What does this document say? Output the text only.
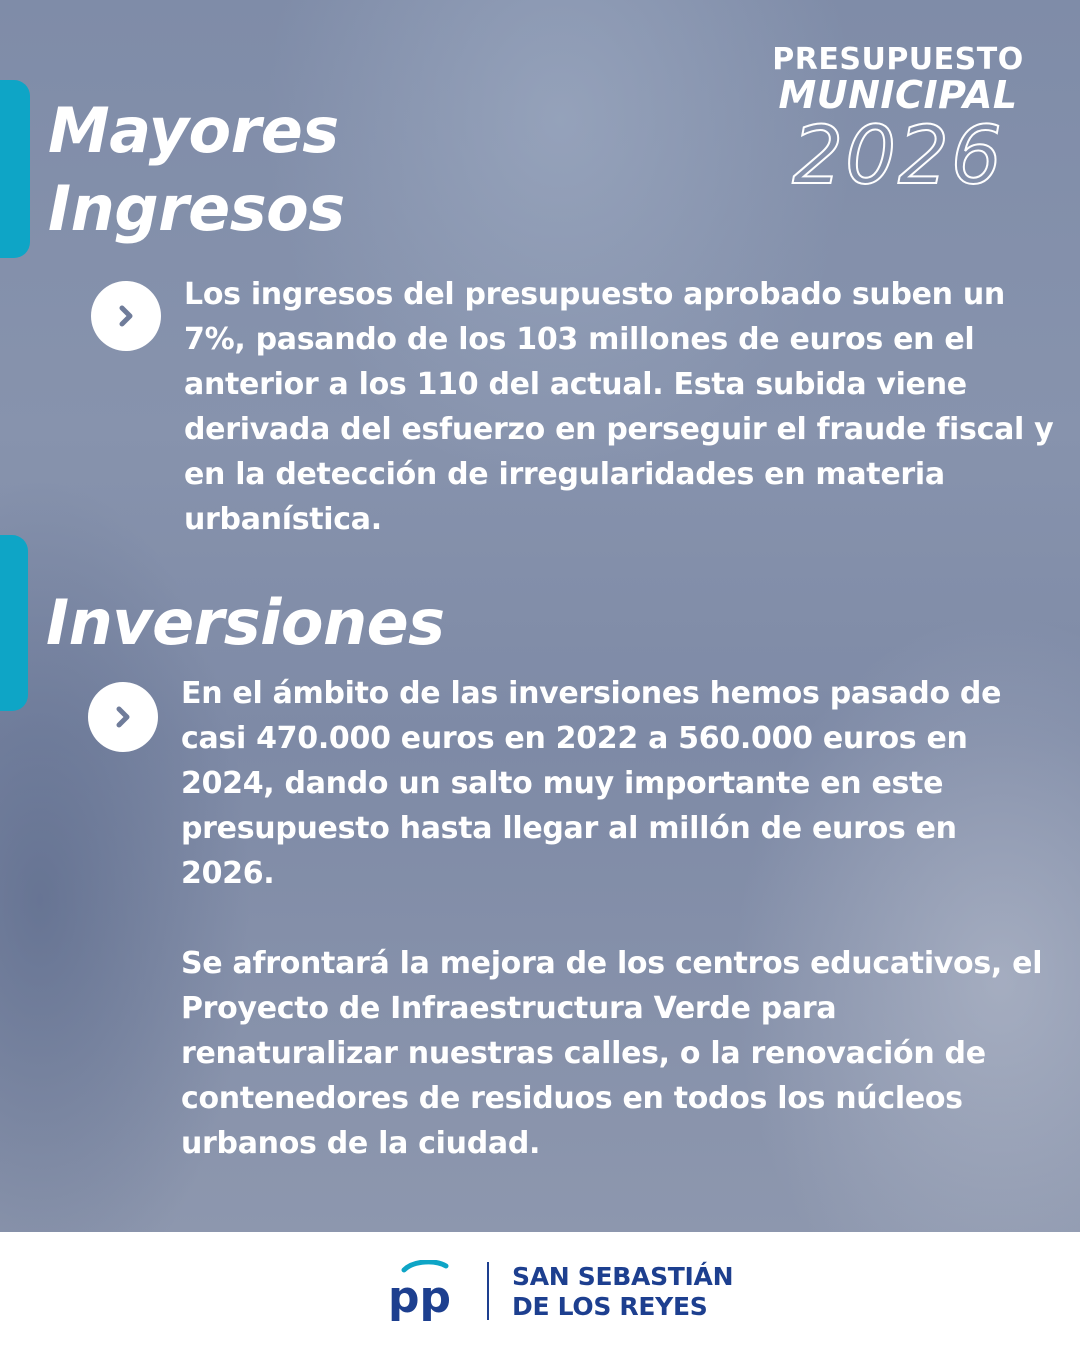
Mayores
Ingresos
PRESUPUESTO
MUNICIPAL
2026

Los ingresos del presupuesto aprobado suben un 7%, pasando de los 103 millones de euros en el anterior a los 110 del actual. Esta subida viene derivada del esfuerzo en perseguir el fraude fiscal y en la detección de irregularidades en materia urbanística.

Inversiones

En el ámbito de las inversiones hemos pasado de casi 470.000 euros en 2022 a 560.000 euros en 2024, dando un salto muy importante en este presupuesto hasta llegar al millón de euros en 2026.

Se afrontará la mejora de los centros educativos, el Proyecto de Infraestructura Verde para renaturalizar nuestras calles, o la renovación de contenedores de residuos en todos los núcleos urbanos de la ciudad.

pp SAN SEBASTIÁN
DE LOS REYES
